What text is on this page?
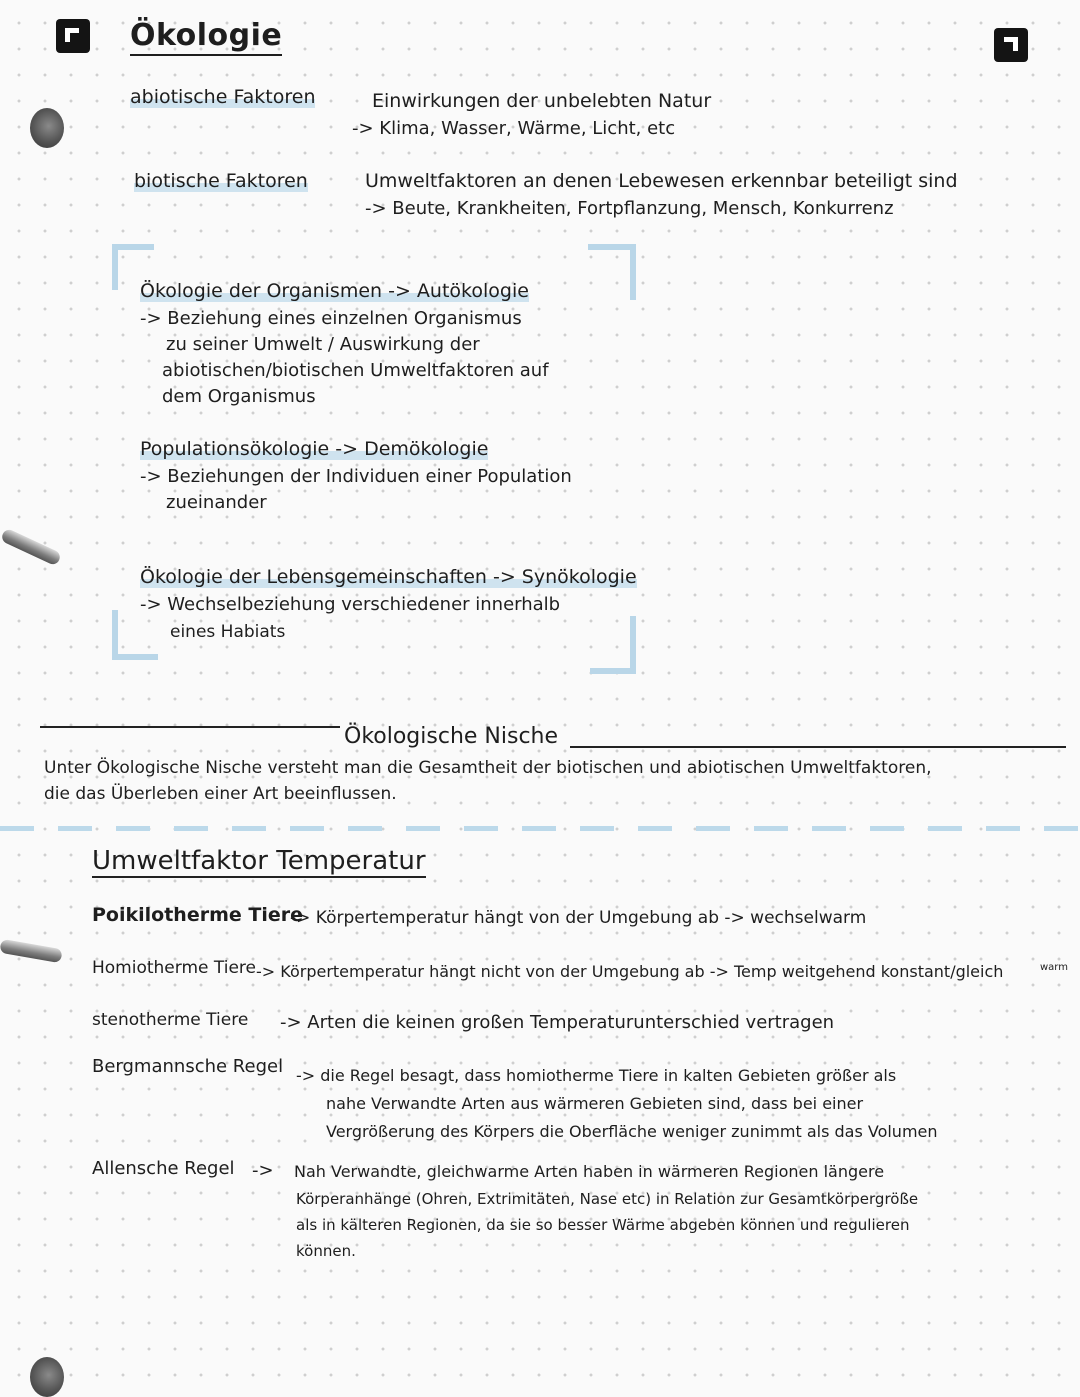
Ökologie
abiotische Faktoren	Einwirkungen der unbelebten Natur
-> Klima, Wasser, Wärme, Licht, etc
biotische Faktoren	Umweltfaktoren an denen Lebewesen erkennbar beteiligt sind
-> Beute, Krankheiten, Fortpflanzung, Mensch, Konkurrenz
Ökologie der Organismen -> Autökologie
-> Beziehung eines einzelnen Organismus
zu seiner Umwelt / Auswirkung der
abiotischen/biotischen Umweltfaktoren auf
dem Organismus
Populationsökologie -> Demökologie
-> Beziehungen der Individuen einer Population
zueinander
Ökologie der Lebensgemeinschaften -> Synökologie
-> Wechselbeziehung verschiedener innerhalb
eines Habiats
Ökologische Nische
Unter Ökologische Nische versteht man die Gesamtheit der biotischen und abiotischen Umweltfaktoren,
die das Überleben einer Art beeinflussen.
Umweltfaktor Temperatur
Poikilotherme Tiere
-> Körpertemperatur hängt von der Umgebung ab -> wechselwarm
Homiotherme Tiere -> Körpertemperatur hängt nicht von der Umgebung ab -> Temp weitgehend konstant/gleich	warm
stenotherme Tiere -> Arten die keinen großen Temperaturunterschied vertragen
Bergmannsche Regel -> die Regel besagt, dass homiotherme Tiere in kalten Gebieten größer als
nahe Verwandte Arten aus wärmeren Gebieten sind, dass bei einer
Vergrößerung des Körpers die Oberfläche weniger zunimmt als das Volumen
Allensche Regel -> Nah Verwandte, gleichwarme Arten haben in wärmeren Regionen längere
Körperanhänge (Ohren, Extrimitäten, Nase etc) in Relation zur Gesamtkörpergröße
als in kälteren Regionen, da sie so besser Wärme abgeben können und regulieren
können.
